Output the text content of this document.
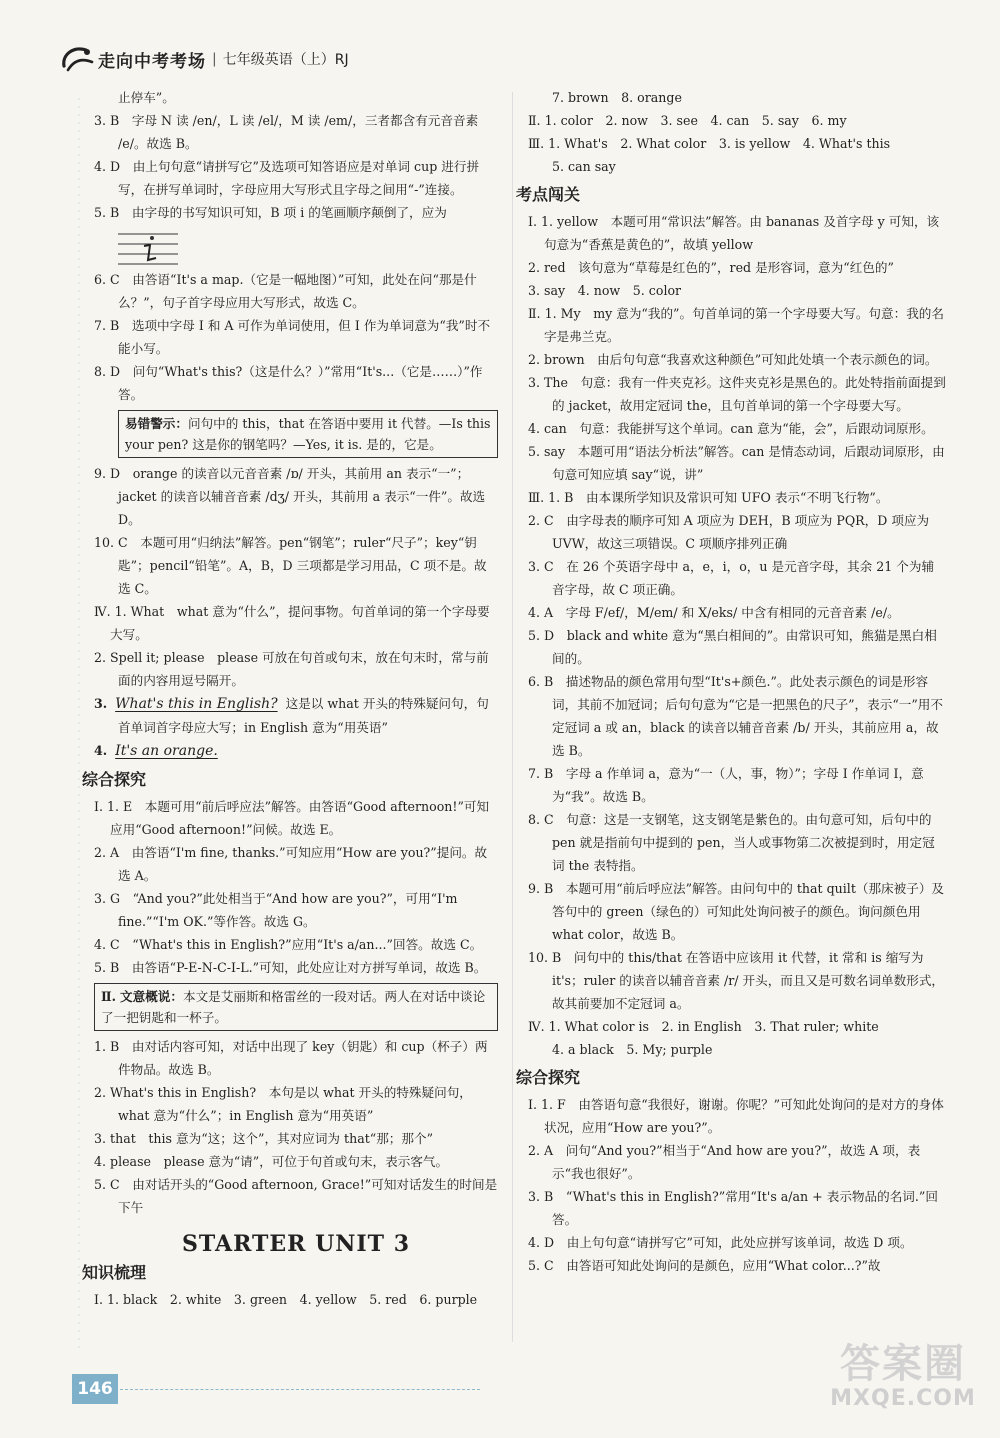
走向中考考场 | 七年级英语（上）RJ

止停车”。

3. B　字母 N 读 /en/，L 读 /el/，M 读 /em/，三者都含有元音音素 /e/。故选 B。

4. D　由上句句意“请拼写它”及选项可知答语应是对单词 cup 进行拼写，在拼写单词时，字母应用大写形式且字母之间用“-”连接。

5. B　由字母的书写知识可知，B 项 i 的笔画顺序颠倒了，应为

6. C　由答语“It's a map.（它是一幅地图）”可知，此处在问“那是什么？”，句子首字母应用大写形式，故选 C。

7. B　选项中字母 I 和 A 可作为单词使用，但 I 作为单词意为“我”时不能小写。

8. D　问句“What's this?（这是什么？）”常用“It's...（它是……）”作答。

易错警示：问句中的 this，that 在答语中要用 it 代替。—Is this your pen? 这是你的钢笔吗？—Yes, it is. 是的，它是。

9. D　orange 的读音以元音音素 /ɒ/ 开头，其前用 an 表示“一”；jacket 的读音以辅音音素 /dʒ/ 开头，其前用 a 表示“一件”。故选 D。

10. C　本题可用“归纳法”解答。pen“钢笔”；ruler“尺子”；key“钥匙”；pencil“铅笔”。A，B，D 三项都是学习用品，C 项不是。故选 C。

Ⅳ. 1. What　what 意为“什么”，提问事物。句首单词的第一个字母要大写。

2. Spell it; please　please 可放在句首或句末，放在句末时，常与前面的内容用逗号隔开。

3. What's this in English? 这是以 what 开头的特殊疑问句，句首单词首字母应大写；in English 意为“用英语”

4. It's an orange.

综合探究

Ⅰ. 1. E　本题可用“前后呼应法”解答。由答语“Good afternoon!”可知应用“Good afternoon!”问候。故选 E。

2. A　由答语“I'm fine, thanks.”可知应用“How are you?”提问。故选 A。

3. G　“And you?”此处相当于“And how are you?”，可用“I'm fine.”“I'm OK.”等作答。故选 G。

4. C　“What's this in English?”应用“It's a/an...”回答。故选 C。

5. B　由答语“P-E-N-C-I-L.”可知，此处应让对方拼写单词，故选 B。

Ⅱ. 文意概说：本文是艾丽斯和格雷丝的一段对话。两人在对话中谈论了一把钥匙和一杯子。

1. B　由对话内容可知，对话中出现了 key（钥匙）和 cup（杯子）两件物品。故选 B。

2. What's this in English?　本句是以 what 开头的特殊疑问句，what 意为“什么”；in English 意为“用英语”

3. that　this 意为“这；这个”，其对应词为 that“那；那个”

4. please　please 意为“请”，可位于句首或句末，表示客气。

5. C　由对话开头的“Good afternoon, Grace!”可知对话发生的时间是下午

STARTER UNIT 3
知识梳理

Ⅰ. 1. black　2. white　3. green　4. yellow　5. red　6. purple

7. brown　8. orange

Ⅱ. 1. color　2. now　3. see　4. can　5. say　6. my

Ⅲ. 1. What's　2. What color　3. is yellow　4. What's this

5. can say

考点闯关

Ⅰ. 1. yellow　本题可用“常识法”解答。由 bananas 及首字母 y 可知，该句意为“香蕉是黄色的”，故填 yellow

2. red　该句意为“草莓是红色的”，red 是形容词，意为“红色的”

3. say　4. now　5. color

Ⅱ. 1. My　my 意为“我的”。句首单词的第一个字母要大写。句意：我的名字是弗兰克。

2. brown　由后句句意“我喜欢这种颜色”可知此处填一个表示颜色的词。

3. The　句意：我有一件夹克衫。这件夹克衫是黑色的。此处特指前面提到的 jacket，故用定冠词 the，且句首单词的第一个字母要大写。

4. can　句意：我能拼写这个单词。can 意为“能，会”，后跟动词原形。

5. say　本题可用“语法分析法”解答。can 是情态动词，后跟动词原形，由句意可知应填 say“说，讲”

Ⅲ. 1. B　由本课所学知识及常识可知 UFO 表示“不明飞行物”。

2. C　由字母表的顺序可知 A 项应为 DEH，B 项应为 PQR，D 项应为 UVW，故这三项错误。C 项顺序排列正确

3. C　在 26 个英语字母中 a，e，i，o，u 是元音字母，其余 21 个为辅音字母，故 C 项正确。

4. A　字母 F/ef/，M/em/ 和 X/eks/ 中含有相同的元音音素 /e/。

5. D　black and white 意为“黑白相间的”。由常识可知，熊猫是黑白相间的。

6. B　描述物品的颜色常用句型“It's+颜色.”。此处表示颜色的词是形容词，其前不加冠词；后句句意为“它是一把黑色的尺子”，表示“一”用不定冠词 a 或 an，black 的读音以辅音音素 /b/ 开头，其前应用 a，故选 B。

7. B　字母 a 作单词 a，意为“一（人，事，物）”；字母 I 作单词 I，意为“我”。故选 B。

8. C　句意：这是一支钢笔，这支钢笔是紫色的。由句意可知，后句中的 pen 就是指前句中提到的 pen，当人或事物第二次被提到时，用定冠词 the 表特指。

9. B　本题可用“前后呼应法”解答。由问句中的 that quilt（那床被子）及答句中的 green（绿色的）可知此处询问被子的颜色。询问颜色用 what color，故选 B。

10. B　问句中的 this/that 在答语中应该用 it 代替，it 常和 is 缩写为 it's；ruler 的读音以辅音音素 /r/ 开头，而且又是可数名词单数形式，故其前要加不定冠词 a。

Ⅳ. 1. What color is　2. in English　3. That ruler; white

4. a black　5. My; purple

综合探究

Ⅰ. 1. F　由答语句意“我很好，谢谢。你呢？”可知此处询问的是对方的身体状况，应用“How are you?”。

2. A　问句“And you?”相当于“And how are you?”，故选 A 项，表示“我也很好”。

3. B　“What's this in English?”常用“It's a/an + 表示物品的名词.”回答。

4. D　由上句句意“请拼写它”可知，此处应拼写该单词，故选 D 项。

5. C　由答语可知此处询问的是颜色，应用“What color...?”故

146
答案圈
MXQE.COM
